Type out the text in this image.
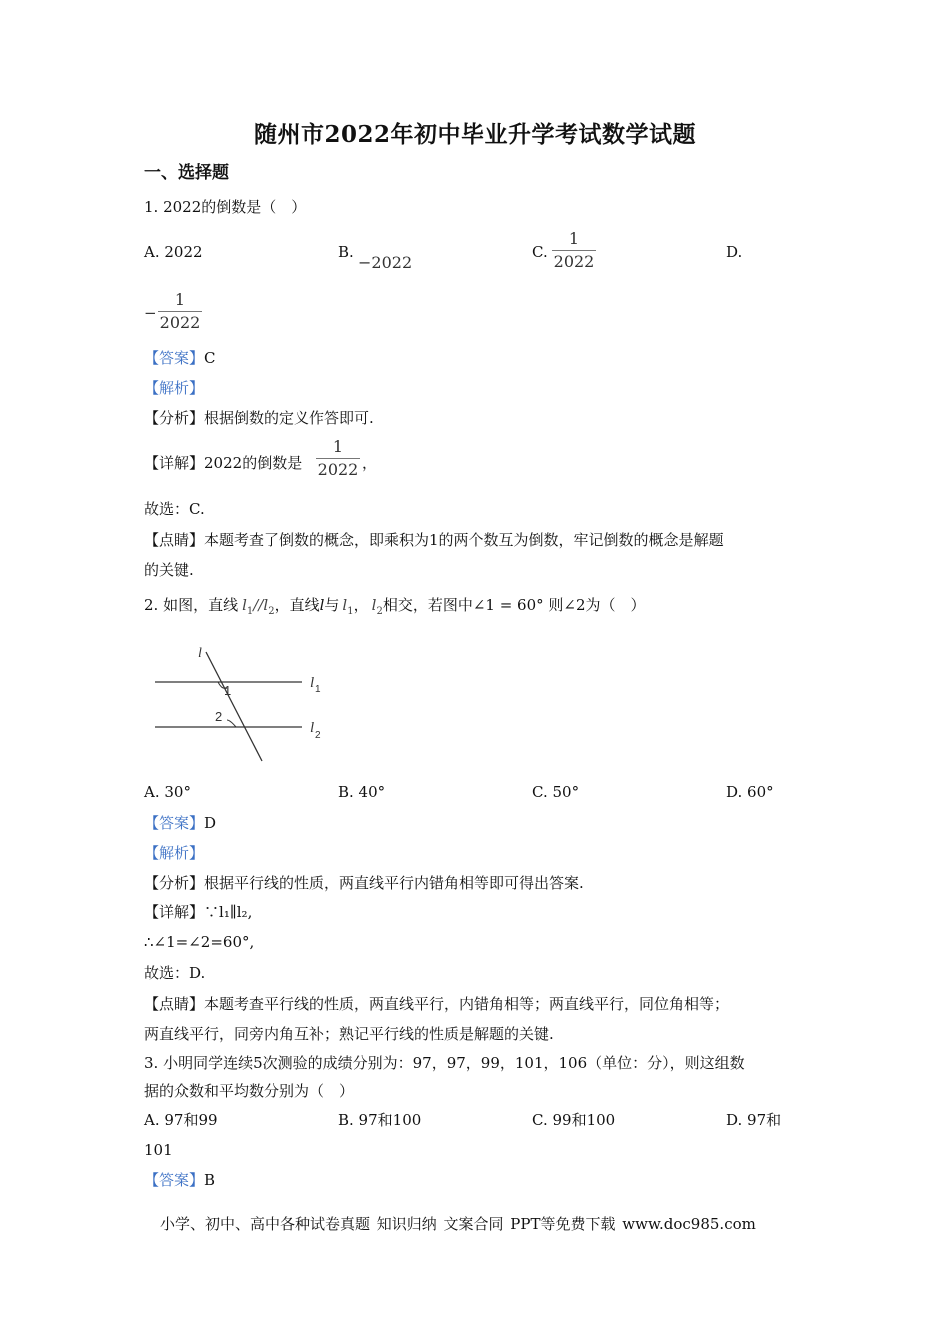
随州市2022年初中毕业升学考试数学试题
一、选择题
1. 2022的倒数是（　）
A. 2022	B.
−2022
C.
1
2022	D.
−
1
2022
【答案】C
【解析】
【分析】根据倒数的定义作答即可.
【详解】2022的倒数是
1
2022 ，
故选：C.
【点睛】本题考查了倒数的概念，即乘积为1的两个数互为倒数，牢记倒数的概念是解题
的关键.
2. 如图，直线 $l_1//l_2$，直线l与 $l_1$， $l_2$相交，若图中∠1 = 60° 则∠2为（　）
l
1
2
l 1
l 2
A. 30°	B. 40°	C. 50°	D. 60°
【答案】D
【解析】
【分析】根据平行线的性质，两直线平行内错角相等即可得出答案.
【详解】∵l₁∥l₂,
∴∠1=∠2=60°,
故选：D.
【点睛】本题考查平行线的性质，两直线平行，内错角相等；两直线平行，同位角相等；
两直线平行，同旁内角互补；熟记平行线的性质是解题的关键.
3. 小明同学连续5次测验的成绩分别为：97，97，99，101，106（单位：分），则这组数
据的众数和平均数分别为（　）
A. 97和99	B. 97和100	C. 99和100	D. 97和
101
【答案】B
小学、初中、高中各种试卷真题 知识归纳 文案合同 PPT等免费下载 www.doc985.com
